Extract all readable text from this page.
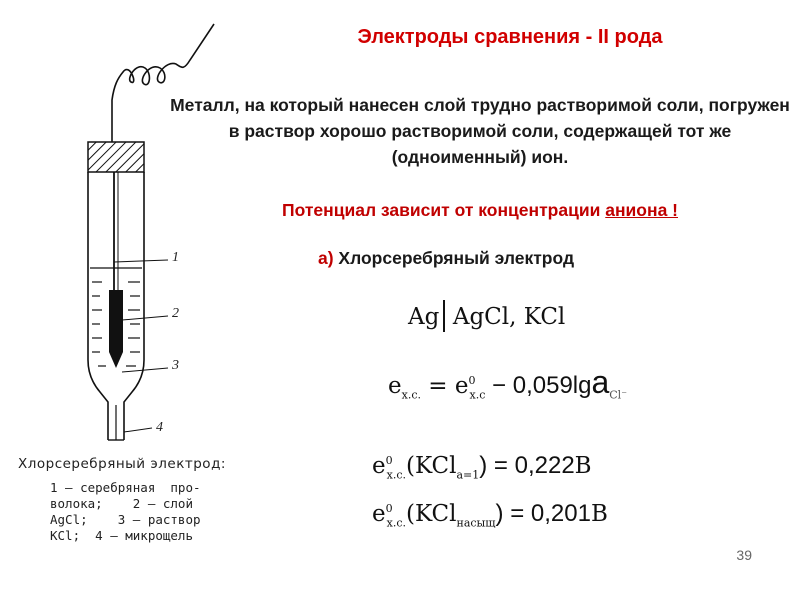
Электроды сравнения - II рода
Металл, на который нанесен слой трудно растворимой соли, погружен в раствор хорошо растворимой соли, содержащей тот же (одноименный) ион.
Потенциал зависит от концентрации аниона !
а) Хлорсеребряный электрод
Ag AgCl, KCl
$e_{х.с.} = e^0_{х.с} - 0,059\lg a_{Cl^-}$
$e^0_{х.с.}(KCl_{a=1}) = 0,222В$
$e^0_{х.с.}(KCl_{насыщ}) = 0,201В$
1
2
3
4
Хлорсеребряный электрод:
1 — серебряная  про-
волока;    2 — слой
AgCl;    3 — раствор
KCl;  4 — микрощель
39
